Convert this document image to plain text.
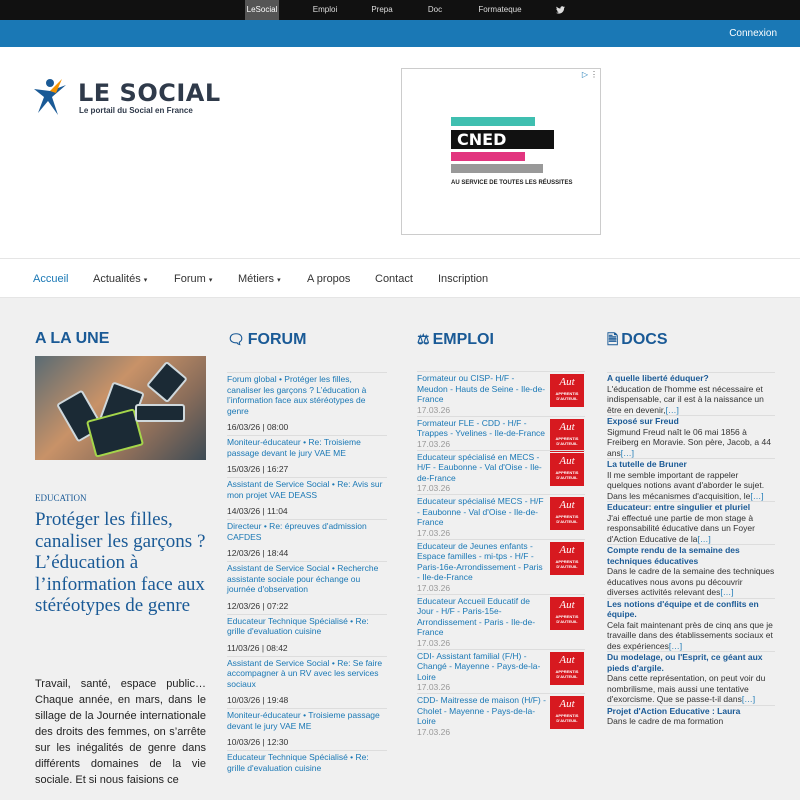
LeSocial	Emploi	Prepa	Doc	Formateque
Connexion
LE SOCIAL
Le portail du Social en France
▷ ⋮
CNED
AU SERVICE DE TOUTES LES RÉUSSITES
Accueil Actualités ▾ Forum ▾ Métiers ▾ A propos Contact Inscription
A LA UNE
EDUCATION
Protéger les filles, canaliser les garçons ? L’éducation à l’information face aux stéréotypes de genre
Travail, santé, espace public… Chaque année, en mars, dans le sillage de la Journée internationale des droits des femmes, on s’arrête sur les inégalités de genre dans différents domaines de la vie sociale. Et si nous faisions ce
🗨︎ FORUM
Forum global • Protéger les filles, canaliser les garçons ? L’éducation à l’information face aux stéréotypes de genre
16/03/26 | 08:00
Moniteur-éducateur • Re: Troisieme passage devant le jury VAE ME
15/03/26 | 16:27
Assistant de Service Social • Re: Avis sur mon projet VAE DEASS
14/03/26 | 11:04
Directeur • Re: épreuves d'admission CAFDES
12/03/26 | 18:44
Assistant de Service Social • Recherche assistante sociale pour échange ou journée d'observation
12/03/26 | 07:22
Educateur Technique Spécialisé • Re: grille d'evaluation cuisine
11/03/26 | 08:42
Assistant de Service Social • Re: Se faire accompagner à un RV avec les services sociaux
10/03/26 | 19:48
Moniteur-éducateur • Troisieme passage devant le jury VAE ME
10/03/26 | 12:30
Educateur Technique Spécialisé • Re: grille d'evaluation cuisine
⚖︎ EMPLOI
Formateur ou CISP- H/F - Meudon - Hauts de Seine - Ile-de-France
17.03.26
Aut
APPRENTIS D'AUTEUIL
Formateur FLE - CDD - H/F - Trappes - Yvelines - Ile-de-France
17.03.26
Aut
APPRENTIS D'AUTEUIL
Educateur spécialisé en MECS - H/F - Eaubonne - Val d'Oise - Ile-de-France
17.03.26
Aut
APPRENTIS D'AUTEUIL
Educateur spécialisé MECS - H/F - Eaubonne - Val d'Oise - Ile-de-France
17.03.26
Aut
APPRENTIS D'AUTEUIL
Educateur de Jeunes enfants - Espace familles - mi-tps - H/F - Paris-16e-Arrondissement - Paris - Ile-de-France
17.03.26
Aut
APPRENTIS D'AUTEUIL
Educateur Accueil Educatif de Jour - H/F - Paris-15e-Arrondissement - Paris - Ile-de-France
17.03.26
Aut
APPRENTIS D'AUTEUIL
CDI- Assistant familial (F/H) - Changé - Mayenne - Pays-de-la-Loire
17.03.26
Aut
APPRENTIS D'AUTEUIL
CDD- Maitresse de maison (H/F) - Cholet - Mayenne - Pays-de-la-Loire
17.03.26
Aut
APPRENTIS D'AUTEUIL
🗎︎ DOCS
A quelle liberté éduquer?
L'éducation de l'homme est nécessaire et indispensable, car il est à la naissance un être en devenir,[…]
Exposé sur Freud
Sigmund Freud naît le 06 mai 1856 à Freiberg en Moravie. Son père, Jacob, a 44 ans[…]
La tutelle de Bruner
Il me semble important de rappeler quelques notions avant d'aborder le sujet. Dans les mécanismes d'acquisition, le[…]
Educateur: entre singulier et pluriel
J'ai effectué une partie de mon stage à responsabilité éducative dans un Foyer d'Action Educative de la[…]
Compte rendu de la semaine des techniques éducatives
Dans le cadre de la semaine des techniques éducatives nous avons pu découvrir diverses activités relevant des[…]
Les notions d'équipe et de conflits en équipe.
Cela fait maintenant près de cinq ans que je travaille dans des établissements sociaux et des expériences[…]
Du modelage, ou l'Esprit, ce géant aux pieds d'argile.
Dans cette représentation, on peut voir du nombrilisme, mais aussi une tentative d'exorcisme. Que se passe-t-il dans[…]
Projet d'Action Educative : Laura
Dans le cadre de ma formation
